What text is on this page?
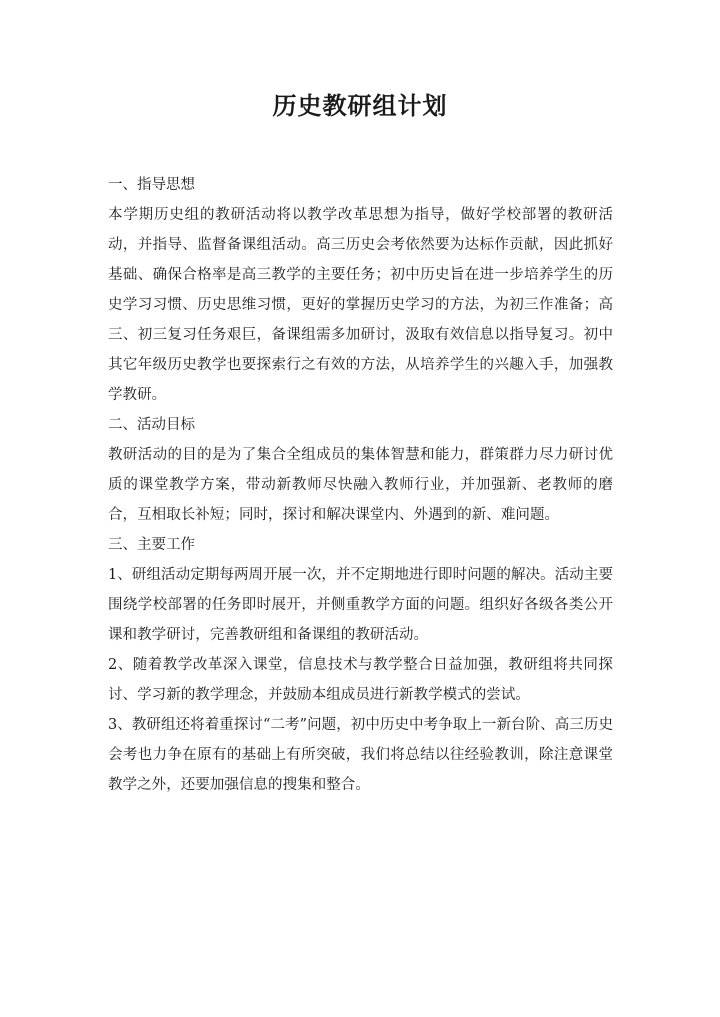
历史教研组计划

一、指导思想

本学期历史组的教研活动将以教学改革思想为指导，做好学校部署的教研活动，并指导、监督备课组活动。高三历史会考依然要为达标作贡献，因此抓好基础、确保合格率是高三教学的主要任务；初中历史旨在进一步培养学生的历史学习习惯、历史思维习惯，更好的掌握历史学习的方法，为初三作准备；高三、初三复习任务艰巨，备课组需多加研讨，汲取有效信息以指导复习。初中其它年级历史教学也要探索行之有效的方法，从培养学生的兴趣入手，加强教学教研。

二、活动目标

教研活动的目的是为了集合全组成员的集体智慧和能力，群策群力尽力研讨优质的课堂教学方案，带动新教师尽快融入教师行业，并加强新、老教师的磨合，互相取长补短；同时，探讨和解决课堂内、外遇到的新、难问题。

三、主要工作

1、研组活动定期每两周开展一次，并不定期地进行即时问题的解决。活动主要围绕学校部署的任务即时展开，并侧重教学方面的问题。组织好各级各类公开课和教学研讨，完善教研组和备课组的教研活动。

2、随着教学改革深入课堂，信息技术与教学整合日益加强，教研组将共同探讨、学习新的教学理念，并鼓励本组成员进行新教学模式的尝试。

3、教研组还将着重探讨“二考”问题，初中历史中考争取上一新台阶、高三历史会考也力争在原有的基础上有所突破，我们将总结以往经验教训，除注意课堂教学之外，还要加强信息的搜集和整合。
